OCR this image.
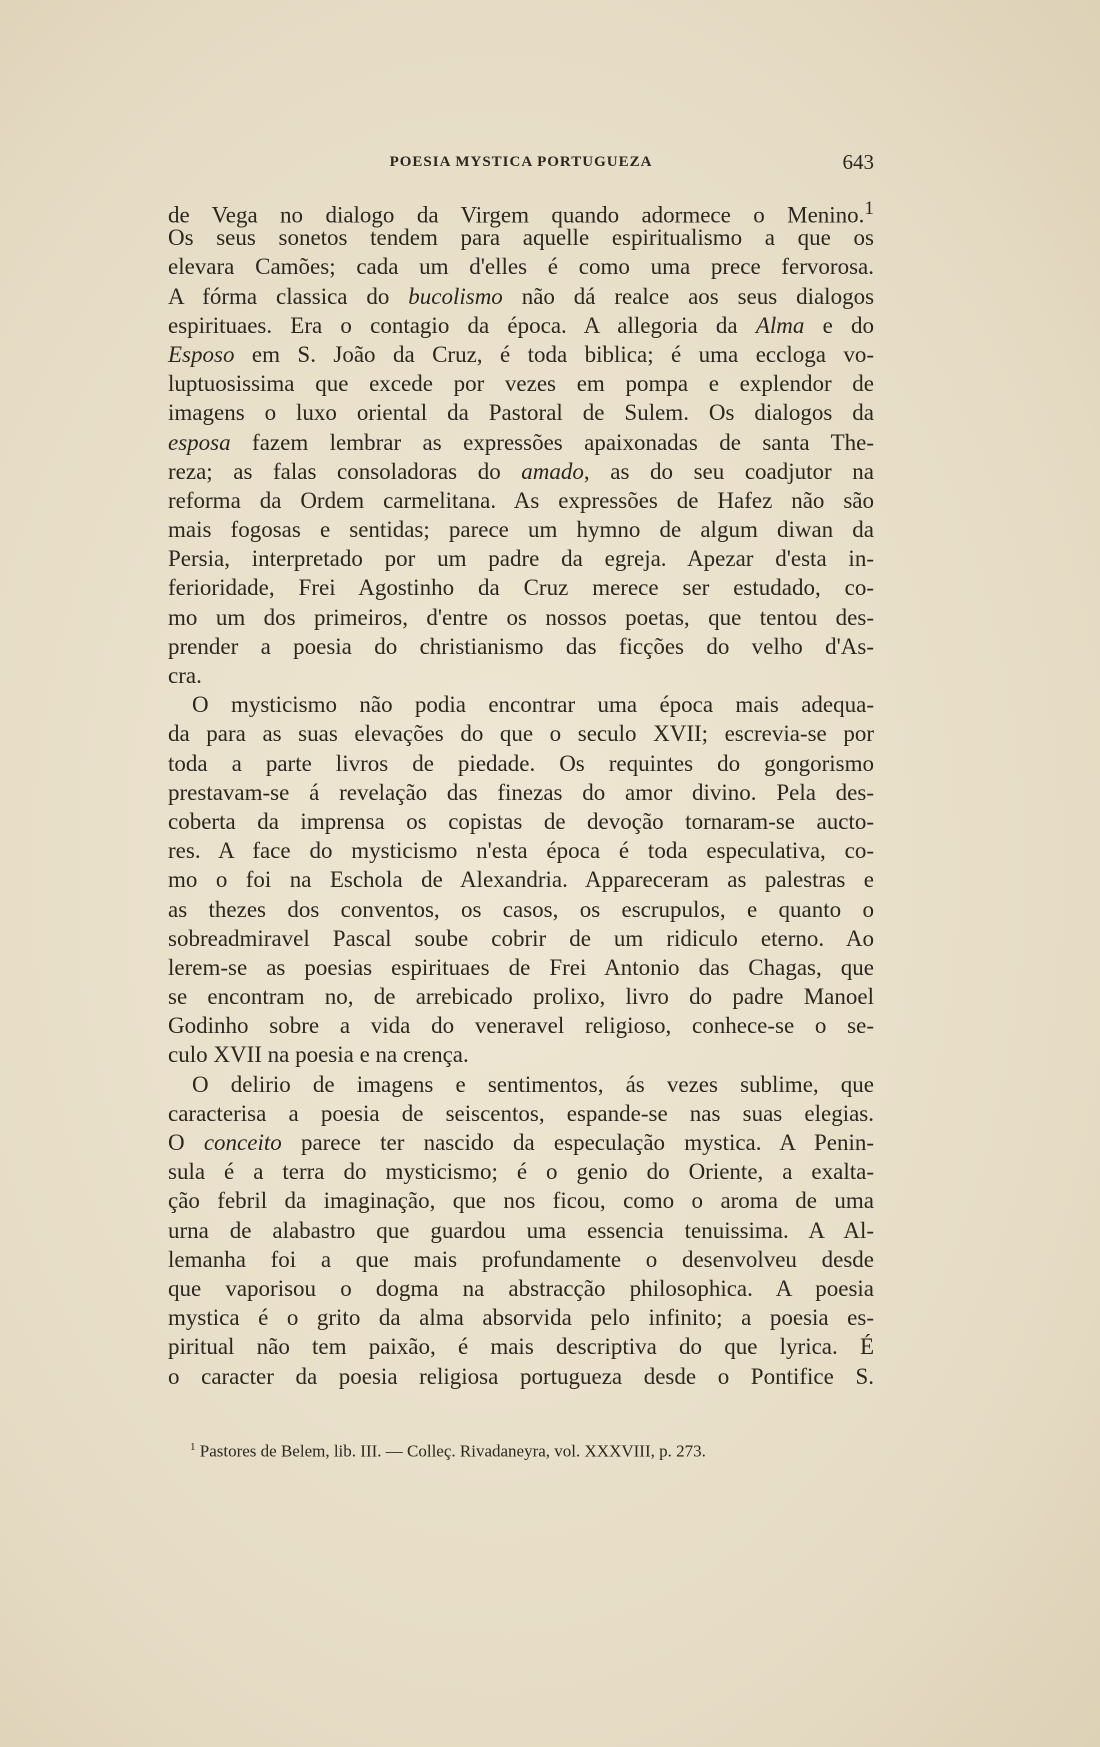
POESIA MYSTICA PORTUGUEZA	643
de Vega no dialogo da Virgem quando adormece o Menino.$^1$
Os seus sonetos tendem para aquelle espiritualismo a que os
elevara Camões; cada um d'elles é como uma prece fervorosa.
A fórma classica do bucolismo não dá realce aos seus dialogos
espirituaes. Era o contagio da época. A allegoria da Alma e do
Esposo em S. João da Cruz, é toda biblica; é uma eccloga vo-
luptuosissima que excede por vezes em pompa e explendor de
imagens o luxo oriental da Pastoral de Sulem. Os dialogos da
esposa fazem lembrar as expressões apaixonadas de santa The-
reza; as falas consoladoras do amado, as do seu coadjutor na
reforma da Ordem carmelitana. As expressões de Hafez não são
mais fogosas e sentidas; parece um hymno de algum diwan da
Persia, interpretado por um padre da egreja. Apezar d'esta in-
ferioridade, Frei Agostinho da Cruz merece ser estudado, co-
mo um dos primeiros, d'entre os nossos poetas, que tentou des-
prender a poesia do christianismo das ficções do velho d'As-
cra.
O mysticismo não podia encontrar uma época mais adequa-
da para as suas elevações do que o seculo XVII; escrevia-se por
toda a parte livros de piedade. Os requintes do gongorismo
prestavam-se á revelação das finezas do amor divino. Pela des-
coberta da imprensa os copistas de devoção tornaram-se aucto-
res. A face do mysticismo n'esta época é toda especulativa, co-
mo o foi na Eschola de Alexandria. Appareceram as palestras e
as thezes dos conventos, os casos, os escrupulos, e quanto o
sobreadmiravel Pascal soube cobrir de um ridiculo eterno. Ao
lerem-se as poesias espirituaes de Frei Antonio das Chagas, que
se encontram no, de arrebicado prolixo, livro do padre Manoel
Godinho sobre a vida do veneravel religioso, conhece-se o se-
culo XVII na poesia e na crença.
O delirio de imagens e sentimentos, ás vezes sublime, que
caracterisa a poesia de seiscentos, espande-se nas suas elegias.
O conceito parece ter nascido da especulação mystica. A Penin-
sula é a terra do mysticismo; é o genio do Oriente, a exalta-
ção febril da imaginação, que nos ficou, como o aroma de uma
urna de alabastro que guardou uma essencia tenuissima. A Al-
lemanha foi a que mais profundamente o desenvolveu desde
que vaporisou o dogma na abstracção philosophica. A poesia
mystica é o grito da alma absorvida pelo infinito; a poesia es-
piritual não tem paixão, é mais descriptiva do que lyrica. É
o caracter da poesia religiosa portugueza desde o Pontifice S.
$^1$ Pastores de Belem, lib. III. — Colleç. Rivadaneyra, vol. XXXVIII, p. 273.
